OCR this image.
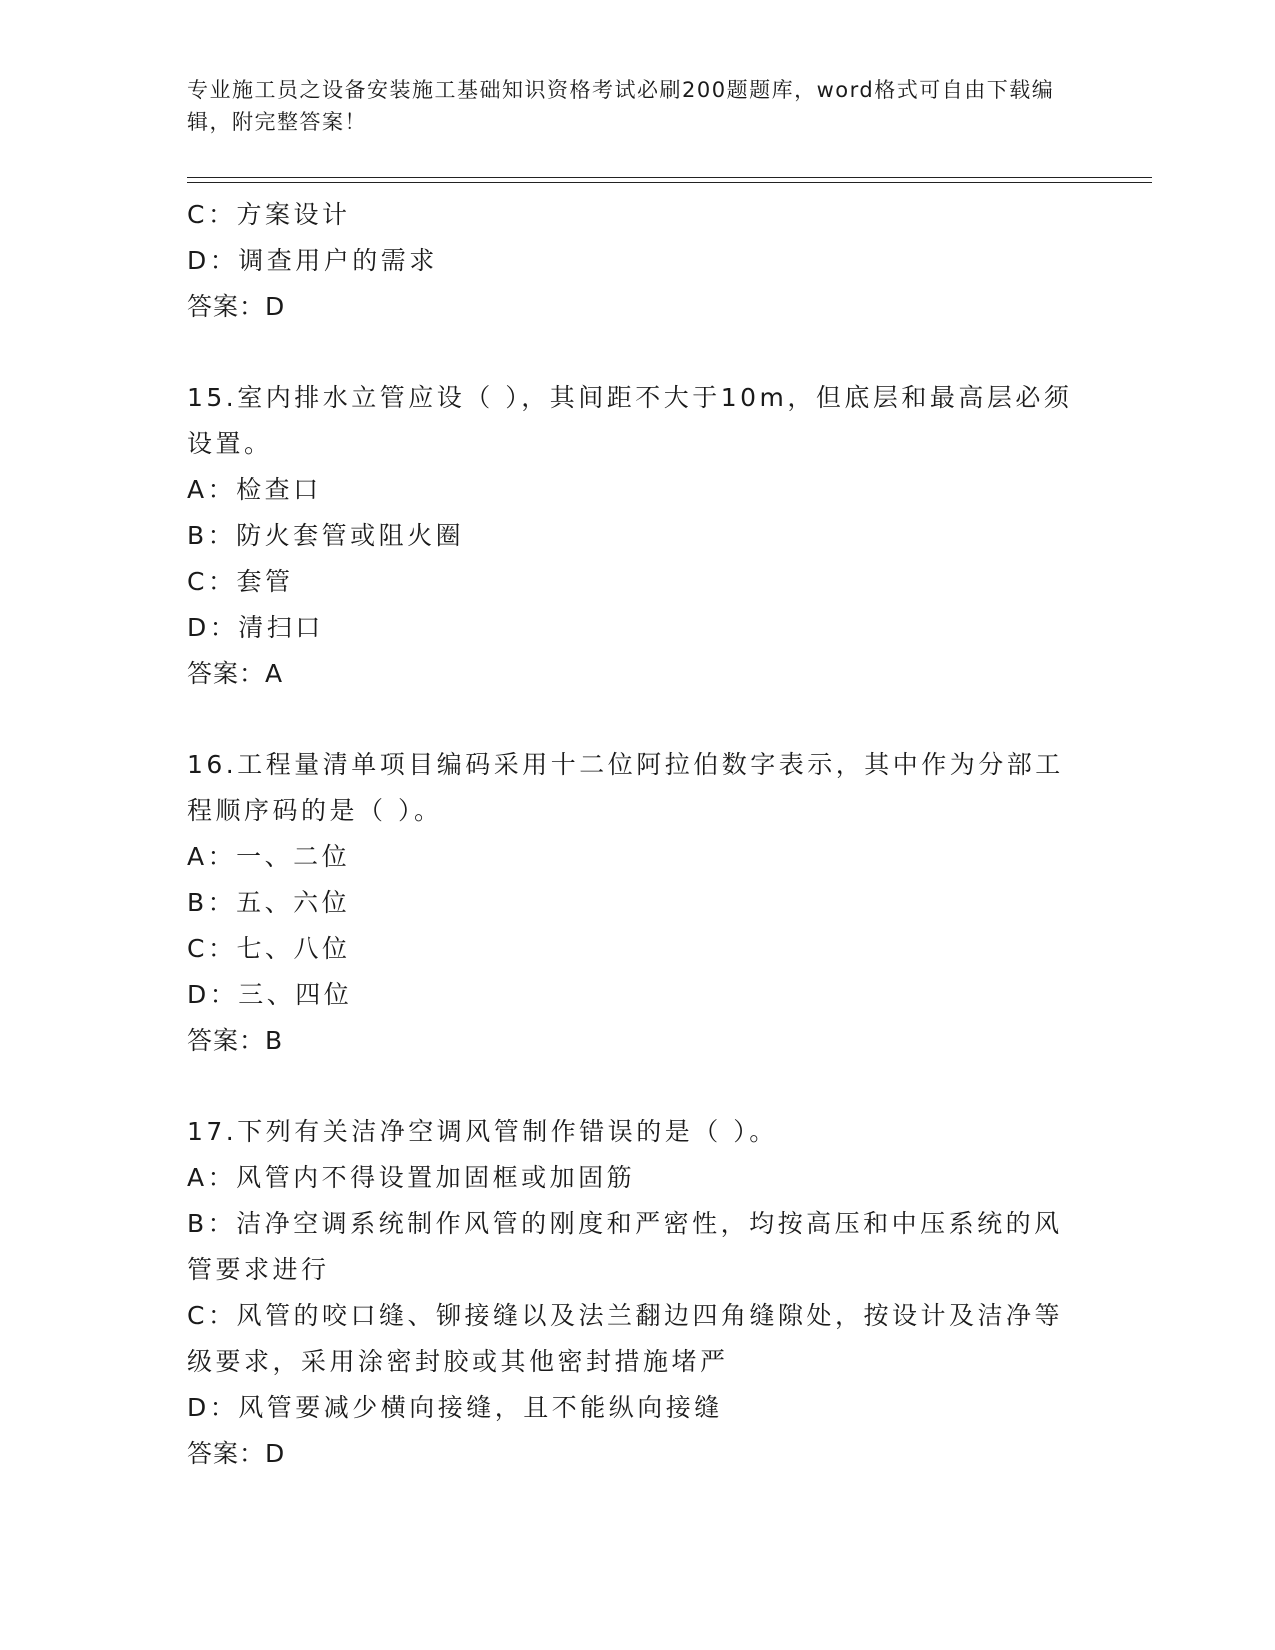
专业施工员之设备安装施工基础知识资格考试必刷200题题库，word格式可自由下载编辑，附完整答案！
C：方案设计
D：调查用户的需求
答案：D
15.室内排水立管应设（ ），其间距不大于10m，但底层和最高层必须
设置。
A：检查口
B：防火套管或阻火圈
C：套管
D：清扫口
答案：A
16.工程量清单项目编码采用十二位阿拉伯数字表示，其中作为分部工
程顺序码的是（ ）。
A：一、二位
B：五、六位
C：七、八位
D：三、四位
答案：B
17.下列有关洁净空调风管制作错误的是（ ）。
A：风管内不得设置加固框或加固筋
B：洁净空调系统制作风管的刚度和严密性，均按高压和中压系统的风
管要求进行
C：风管的咬口缝、铆接缝以及法兰翻边四角缝隙处，按设计及洁净等
级要求，采用涂密封胶或其他密封措施堵严
D：风管要减少横向接缝，且不能纵向接缝
答案：D
